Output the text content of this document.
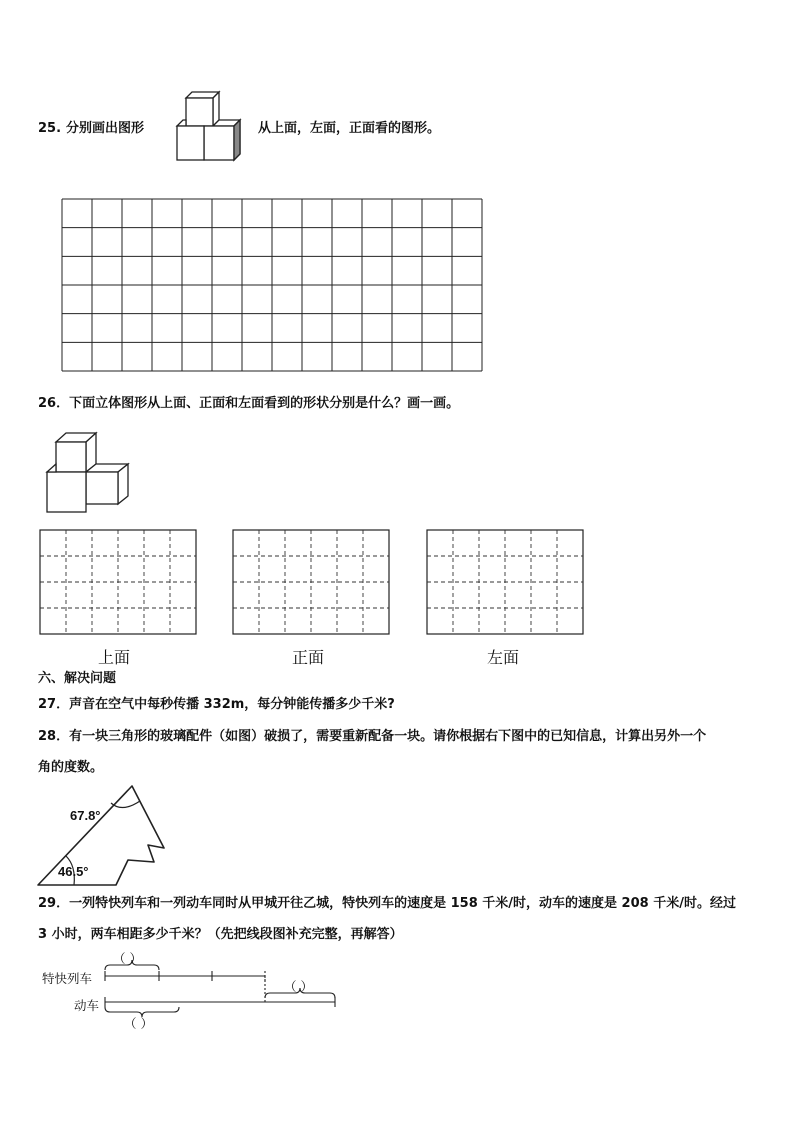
25. 分别画出图形	从上面，左面，正面看的图形。
26．下面立体图形从上面、正面和左面看到的形状分别是什么？画一画。
上面	正面	左面
六、解决问题
27．声音在空气中每秒传播 332m，每分钟能传播多少千米?
28．有一块三角形的玻璃配件（如图）破损了，需要重新配备一块。请你根据右下图中的已知信息，计算出另外一个
角的度数。
67.8°
46.5°
29．一列特快列车和一列动车同时从甲城开往乙城，特快列车的速度是 158 千米/时，动车的速度是 208 千米/时。经过
3 小时，两车相距多少千米？（先把线段图补充完整，再解答）
特快列车
动车
（ ）
（ ）
（ ）
